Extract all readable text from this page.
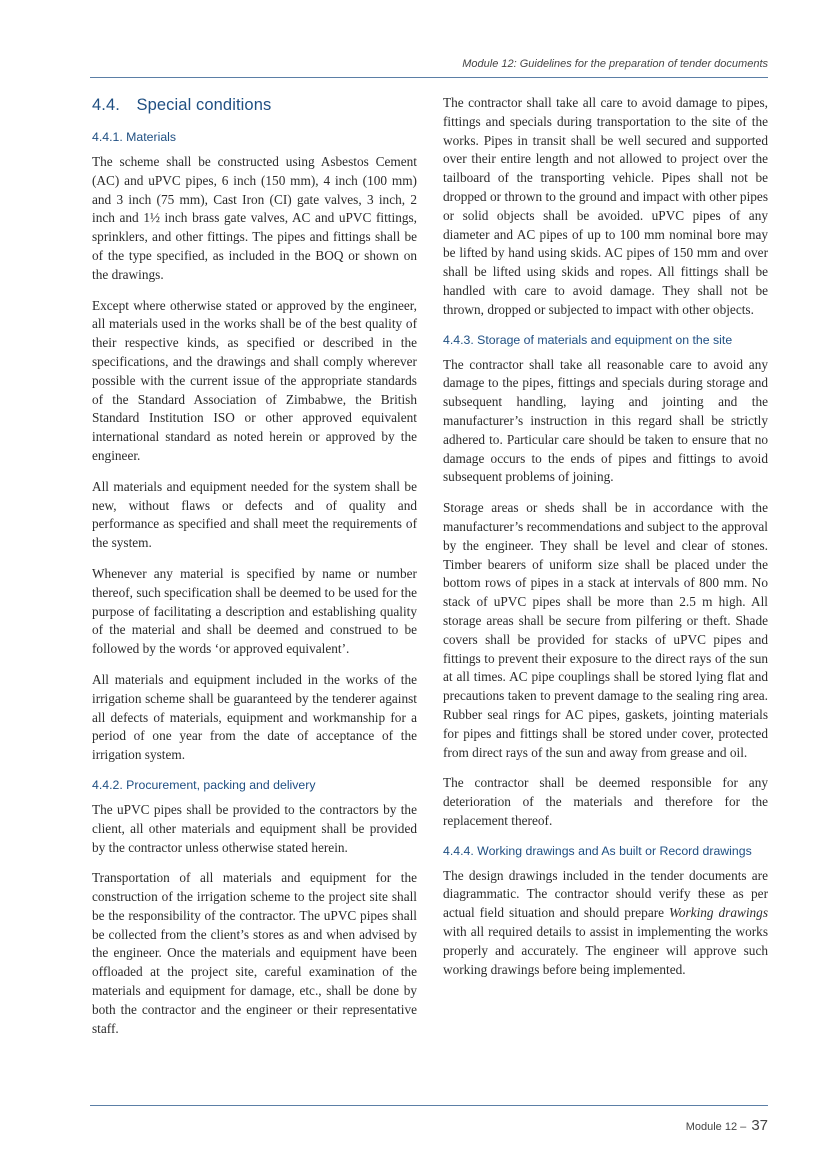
Module 12: Guidelines for the preparation of tender documents
4.4. Special conditions
4.4.1. Materials

The scheme shall be constructed using Asbestos Cement (AC) and uPVC pipes, 6 inch (150 mm), 4 inch (100 mm) and 3 inch (75 mm), Cast Iron (CI) gate valves, 3 inch, 2 inch and 1½ inch brass gate valves, AC and uPVC fittings, sprinklers, and other fittings. The pipes and fittings shall be of the type specified, as included in the BOQ or shown on the drawings.

Except where otherwise stated or approved by the engineer, all materials used in the works shall be of the best quality of their respective kinds, as specified or described in the specifications, and the drawings and shall comply wherever possible with the current issue of the appropriate standards of the Standard Association of Zimbabwe, the British Standard Institution ISO or other approved equivalent international standard as noted herein or approved by the engineer.

All materials and equipment needed for the system shall be new, without flaws or defects and of quality and performance as specified and shall meet the requirements of the system.

Whenever any material is specified by name or number thereof, such specification shall be deemed to be used for the purpose of facilitating a description and establishing quality of the material and shall be deemed and construed to be followed by the words ‘or approved equivalent’.

All materials and equipment included in the works of the irrigation scheme shall be guaranteed by the tenderer against all defects of materials, equipment and workmanship for a period of one year from the date of acceptance of the irrigation system.

4.4.2. Procurement, packing and delivery

The uPVC pipes shall be provided to the contractors by the client, all other materials and equipment shall be provided by the contractor unless otherwise stated herein.

Transportation of all materials and equipment for the construction of the irrigation scheme to the project site shall be the responsibility of the contractor. The uPVC pipes shall be collected from the client’s stores as and when advised by the engineer. Once the materials and equipment have been offloaded at the project site, careful examination of the materials and equipment for damage, etc., shall be done by both the contractor and the engineer or their representative staff.

The contractor shall take all care to avoid damage to pipes, fittings and specials during transportation to the site of the works. Pipes in transit shall be well secured and supported over their entire length and not allowed to project over the tailboard of the transporting vehicle. Pipes shall not be dropped or thrown to the ground and impact with other pipes or solid objects shall be avoided. uPVC pipes of any diameter and AC pipes of up to 100 mm nominal bore may be lifted by hand using skids. AC pipes of 150 mm and over shall be lifted using skids and ropes. All fittings shall be handled with care to avoid damage. They shall not be thrown, dropped or subjected to impact with other objects.

4.4.3. Storage of materials and equipment on the site

The contractor shall take all reasonable care to avoid any damage to the pipes, fittings and specials during storage and subsequent handling, laying and jointing and the manufacturer’s instruction in this regard shall be strictly adhered to. Particular care should be taken to ensure that no damage occurs to the ends of pipes and fittings to avoid subsequent problems of joining.

Storage areas or sheds shall be in accordance with the manufacturer’s recommendations and subject to the approval by the engineer. They shall be level and clear of stones. Timber bearers of uniform size shall be placed under the bottom rows of pipes in a stack at intervals of 800 mm. No stack of uPVC pipes shall be more than 2.5 m high. All storage areas shall be secure from pilfering or theft. Shade covers shall be provided for stacks of uPVC pipes and fittings to prevent their exposure to the direct rays of the sun at all times. AC pipe couplings shall be stored lying flat and precautions taken to prevent damage to the sealing ring area. Rubber seal rings for AC pipes, gaskets, jointing materials for pipes and fittings shall be stored under cover, protected from direct rays of the sun and away from grease and oil.

The contractor shall be deemed responsible for any deterioration of the materials and therefore for the replacement thereof.

4.4.4. Working drawings and As built or Record drawings

The design drawings included in the tender documents are diagrammatic. The contractor should verify these as per actual field situation and should prepare Working drawings with all required details to assist in implementing the works properly and accurately. The engineer will approve such working drawings before being implemented.

Module 12 – 37
